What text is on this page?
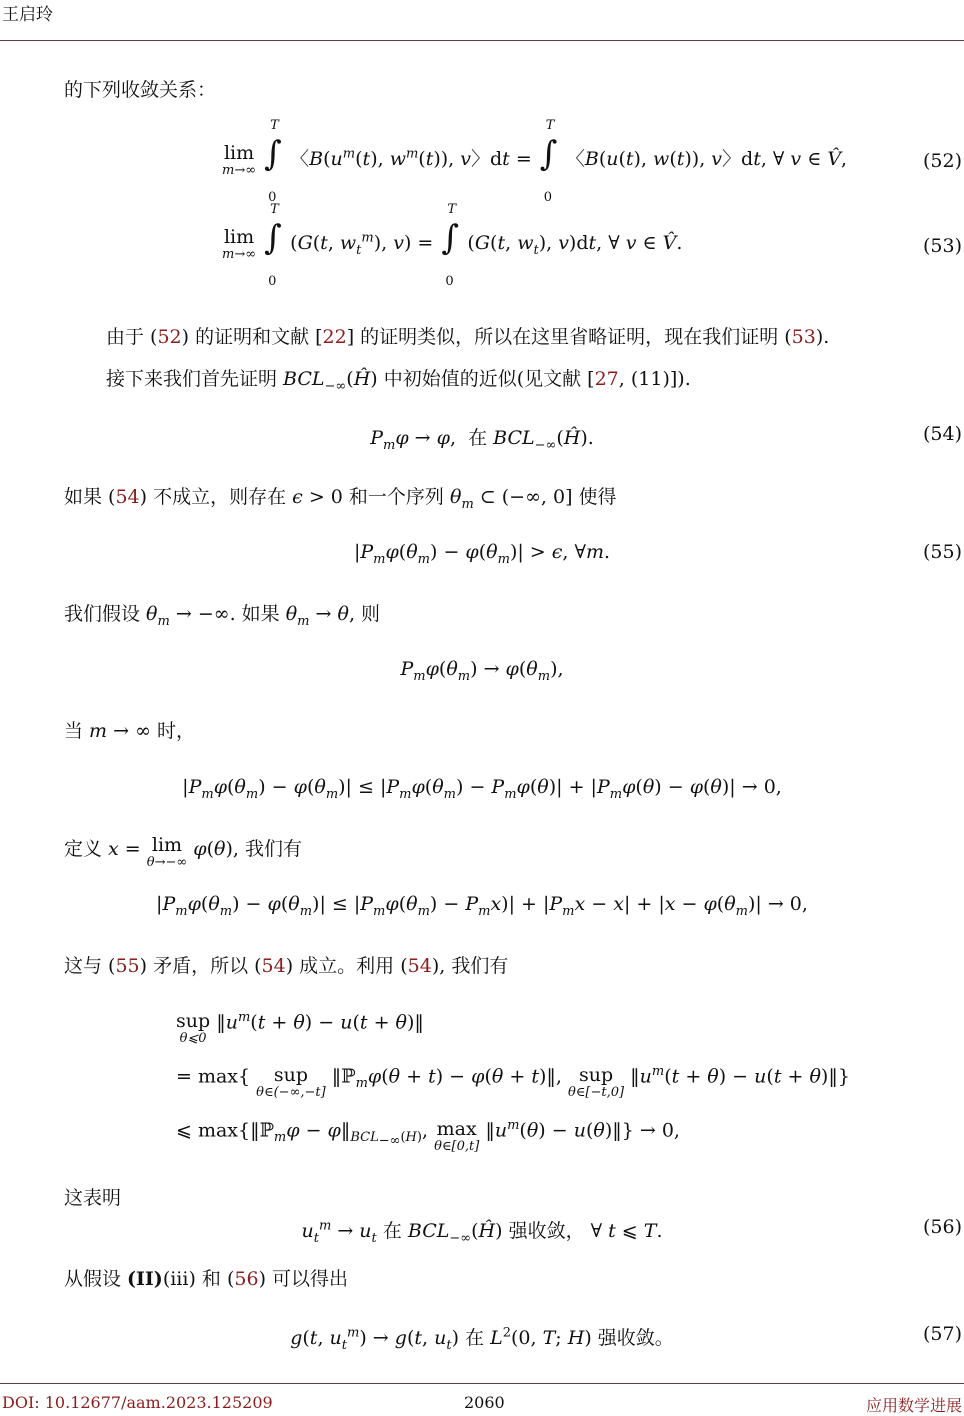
王启玲
的下列收敛关系：
lim
m→∞
∫
T
0
〈$B(u^m(t)$, $w^m(t)$), v〉dt = ∫
T
0
〈B(u(t), w(t)), v〉dt, ∀ v ∈ V̂,	(52)
lim
m→∞
∫
T
0
(G(t, $w_t^m$), v) = ∫
T
0
(G(t, $w_t$), v)dt, ∀ v ∈ V̂.	(53)
由于 (52) 的证明和文献 [22] 的证明类似，所以在这里省略证明，现在我们证明 (53).
接下来我们首先证明 $BCL_{-\infty}(Ĥ)$ 中初始值的近似(见文献 [27, (11)]).
$P_m\varphi \to \varphi$,  在 $BCL_{-\infty}(Ĥ)$.	(54)
如果 (54) 不成立，则存在 ϵ > 0 和一个序列 $\theta_m$ ⊂ (−∞, 0] 使得
$|P_m\varphi(\theta_m) - \varphi(\theta_m)| > \epsilon$, ∀m.	(55)
我们假设 $\theta_m$ → −∞. 如果 $\theta_m \to \theta$, 则
$P_m\varphi(\theta_m) \to \varphi(\theta_m)$,
当 m → ∞ 时，
$|P_m\varphi(\theta_m) - \varphi(\theta_m)| \le |P_m\varphi(\theta_m) - P_m\varphi(\theta)| + |P_m\varphi(\theta) - \varphi(\theta)| \to 0$,
定义 x = lim
θ→−∞
φ(θ), 我们有
$|P_m\varphi(\theta_m) - \varphi(\theta_m)| \le |P_m\varphi(\theta_m) - P_mx)| + |P_mx - x| + |x - \varphi(\theta_m)| \to 0$,
这与 (55) 矛盾，所以 (54) 成立。利用 (54), 我们有
sup
θ⩽0
$‖u^m(t + \theta) - u(t$ + θ)‖
= max{ sup
θ∈(−∞,−t]
‖ℙ$_m$φ(θ + t) − φ(θ + t)‖, sup
θ∈[−t,0]
$‖u^m(t + \theta) - u(t$ + θ)‖}
⩽ max{‖ℙ$_m$φ − $\varphi‖_{BCL_{-\infty}(H)}$, max
θ∈[0,t]
$‖u^m(\theta)$ − u(θ)‖} → 0,
这表明
$u_t^m \to u_t$ 在 $BCL_{-\infty}(Ĥ)$ 强收敛， ∀ t ⩽ T.	(56)
从假设 (II)(iii) 和 (56) 可以得出
g(t, $u_t^m) \to g(t$, $u_t$) 在 $L^2(0$, T; H) 强收敛。	(57)
DOI: 10.12677/aam.2023.125209	2060	应用数学进展
